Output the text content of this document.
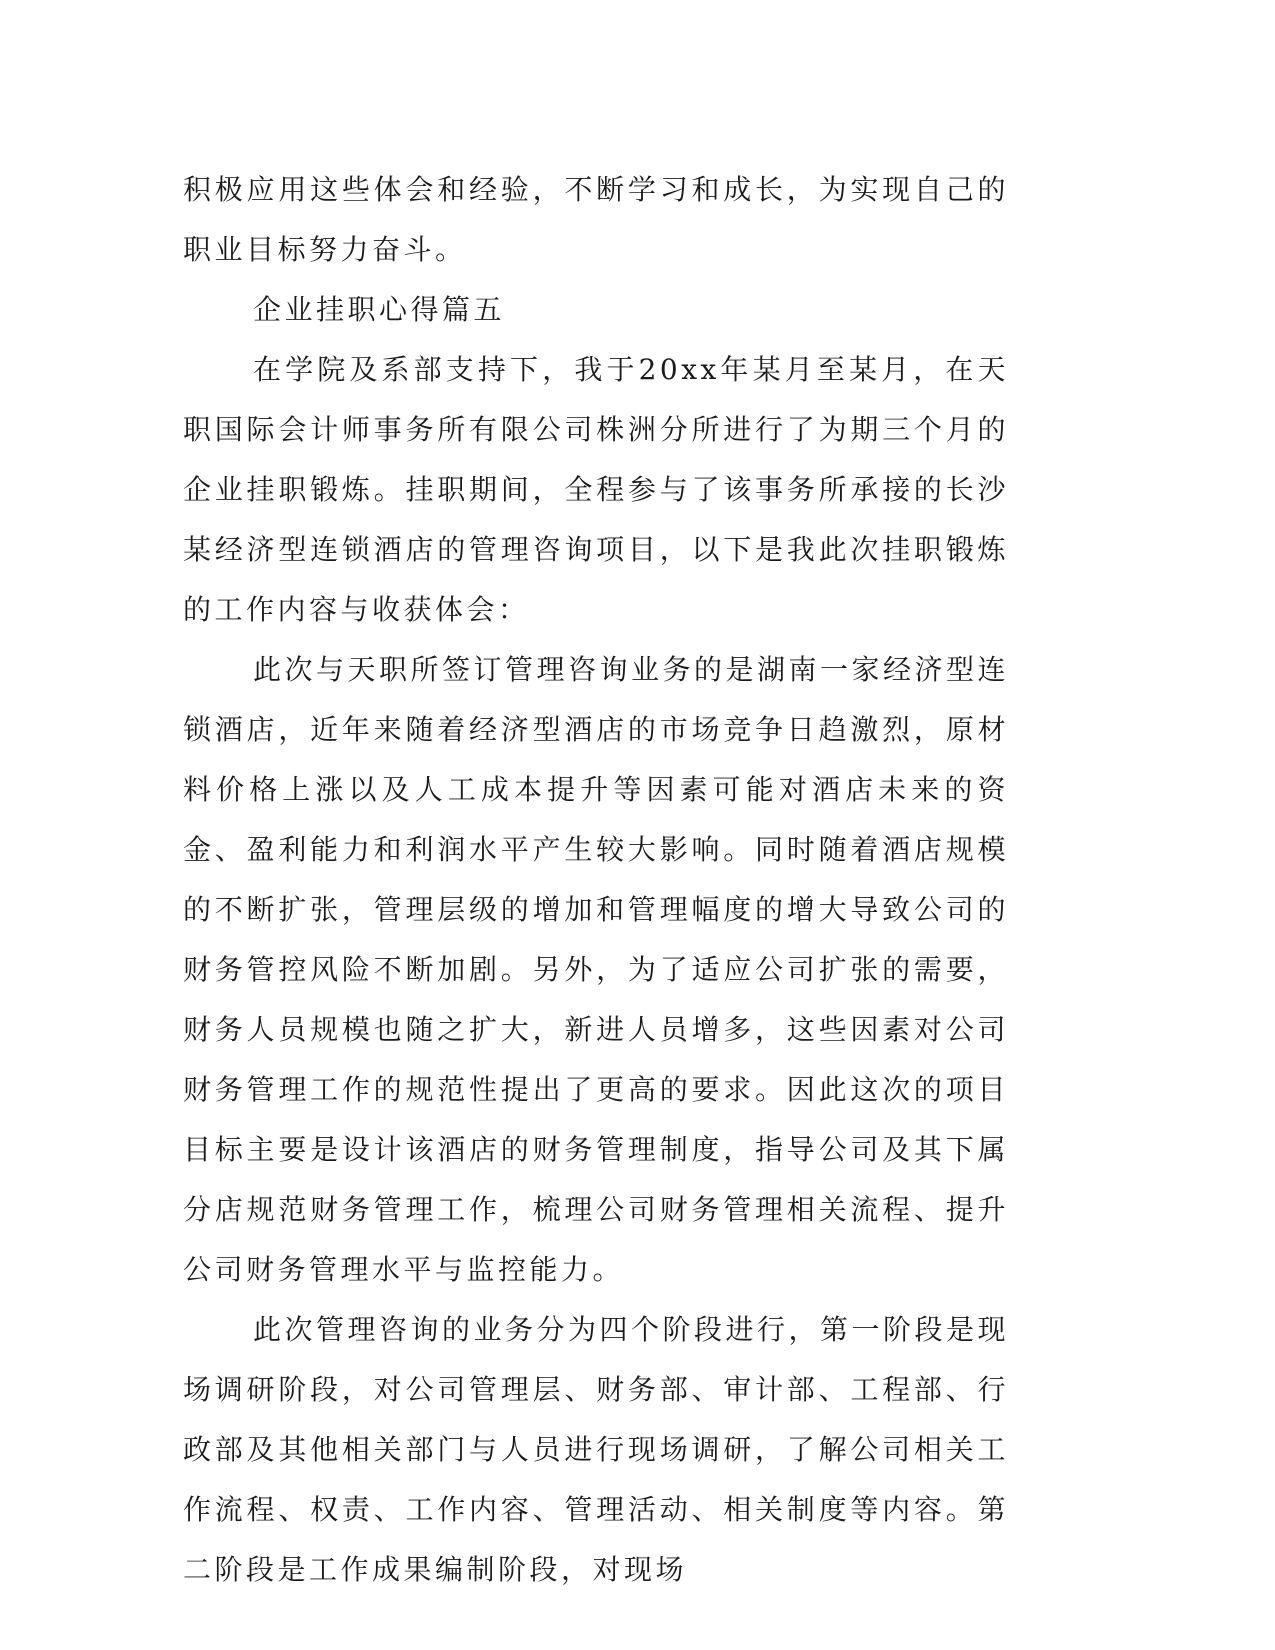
积极应用这些体会和经验，不断学习和成长，为实现自己的职业目标努力奋斗。

企业挂职心得篇五

在学院及系部支持下，我于20xx年某月至某月，在天职国际会计师事务所有限公司株洲分所进行了为期三个月的企业挂职锻炼。挂职期间，全程参与了该事务所承接的长沙某经济型连锁酒店的管理咨询项目，以下是我此次挂职锻炼的工作内容与收获体会：

此次与天职所签订管理咨询业务的是湖南一家经济型连锁酒店，近年来随着经济型酒店的市场竞争日趋激烈，原材料价格上涨以及人工成本提升等因素可能对酒店未来的资金、盈利能力和利润水平产生较大影响。同时随着酒店规模的不断扩张，管理层级的增加和管理幅度的增大导致公司的财务管控风险不断加剧。另外，为了适应公司扩张的需要，财务人员规模也随之扩大，新进人员增多，这些因素对公司财务管理工作的规范性提出了更高的要求。因此这次的项目目标主要是设计该酒店的财务管理制度，指导公司及其下属分店规范财务管理工作，梳理公司财务管理相关流程、提升公司财务管理水平与监控能力。

此次管理咨询的业务分为四个阶段进行，第一阶段是现场调研阶段，对公司管理层、财务部、审计部、工程部、行政部及其他相关部门与人员进行现场调研，了解公司相关工作流程、权责、工作内容、管理活动、相关制度等内容。第二阶段是工作成果编制阶段，对现场
